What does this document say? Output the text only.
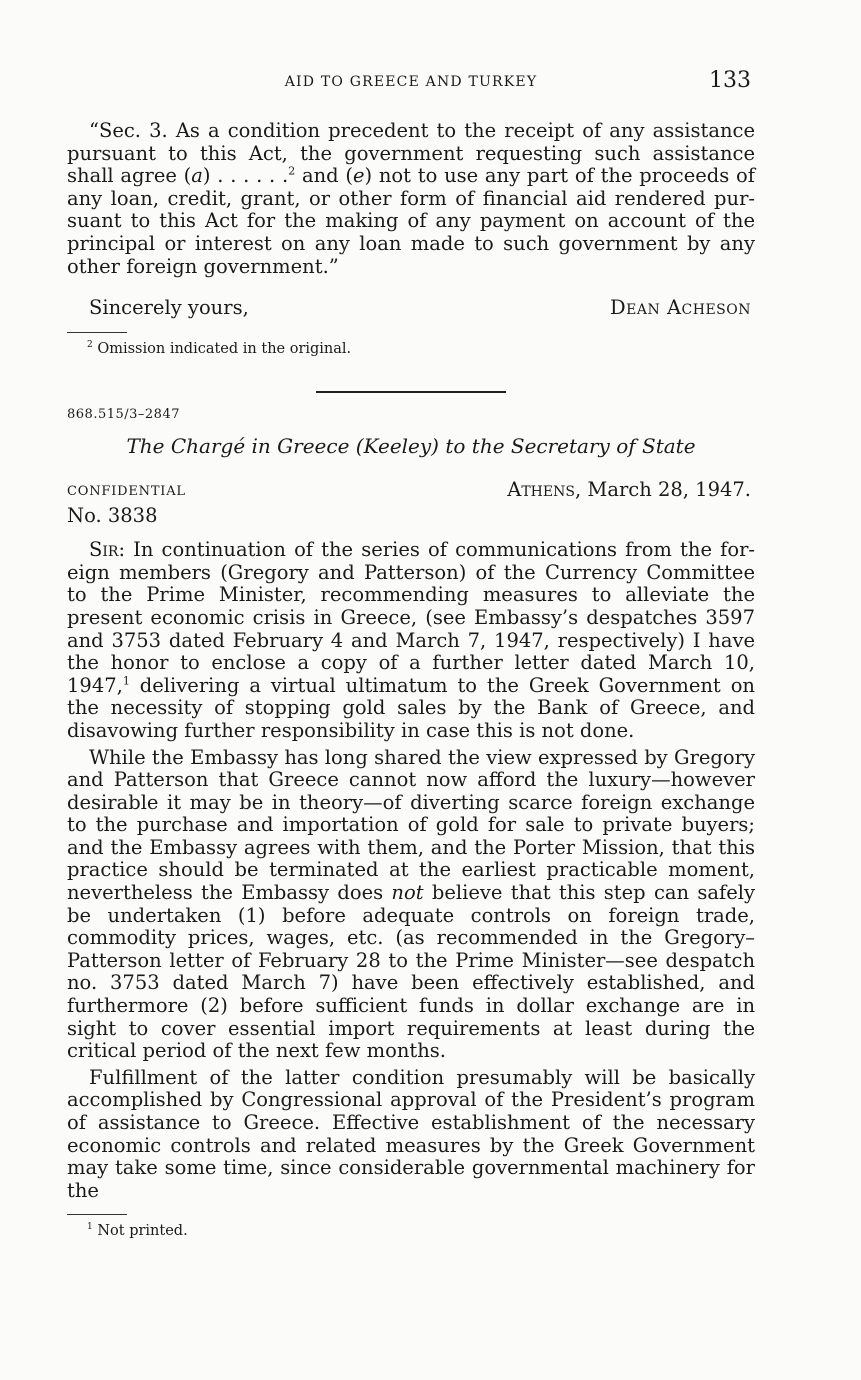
AID TO GREECE AND TURKEY	133

“Sec. 3. As a condition precedent to the receipt of any assistance pursuant to this Act, the government requesting such assistance shall agree (a) . . . . . .$^2$ and (e) not to use any part of the proceeds of any loan, credit, grant, or other form of financial aid rendered pursuant to this Act for the making of any payment on account of the principal or interest on any loan made to such government by any other foreign government.”

Sincerely yours,	Dean Acheson
$^2$ Omission indicated in the original.
868.515/3–2847
The Chargé in Greece (Keeley) to the Secretary of State
CONFIDENTIAL	Athens, March 28, 1947.
No. 3838

Sir: In continuation of the series of communications from the foreign members (Gregory and Patterson) of the Currency Committee to the Prime Minister, recommending measures to alleviate the present economic crisis in Greece, (see Embassy’s despatches 3597 and 3753 dated February 4 and March 7, 1947, respectively) I have the honor to enclose a copy of a further letter dated March 10, 1947,$^1$ delivering a virtual ultimatum to the Greek Government on the necessity of stopping gold sales by the Bank of Greece, and disavowing further responsibility in case this is not done.

While the Embassy has long shared the view expressed by Gregory and Patterson that Greece cannot now afford the luxury—however desirable it may be in theory—of diverting scarce foreign exchange to the purchase and importation of gold for sale to private buyers; and the Embassy agrees with them, and the Porter Mission, that this practice should be terminated at the earliest practicable moment, nevertheless the Embassy does not believe that this step can safely be undertaken (1) before adequate controls on foreign trade, commodity prices, wages, etc. (as recommended in the Gregory–Patterson letter of February 28 to the Prime Minister—see despatch no. 3753 dated March 7) have been effectively established, and furthermore (2) before sufficient funds in dollar exchange are in sight to cover essential import requirements at least during the critical period of the next few months.

Fulfillment of the latter condition presumably will be basically accomplished by Congressional approval of the President’s program of assistance to Greece. Effective establishment of the necessary economic controls and related measures by the Greek Government may take some time, since considerable governmental machinery for the

$^1$ Not printed.
